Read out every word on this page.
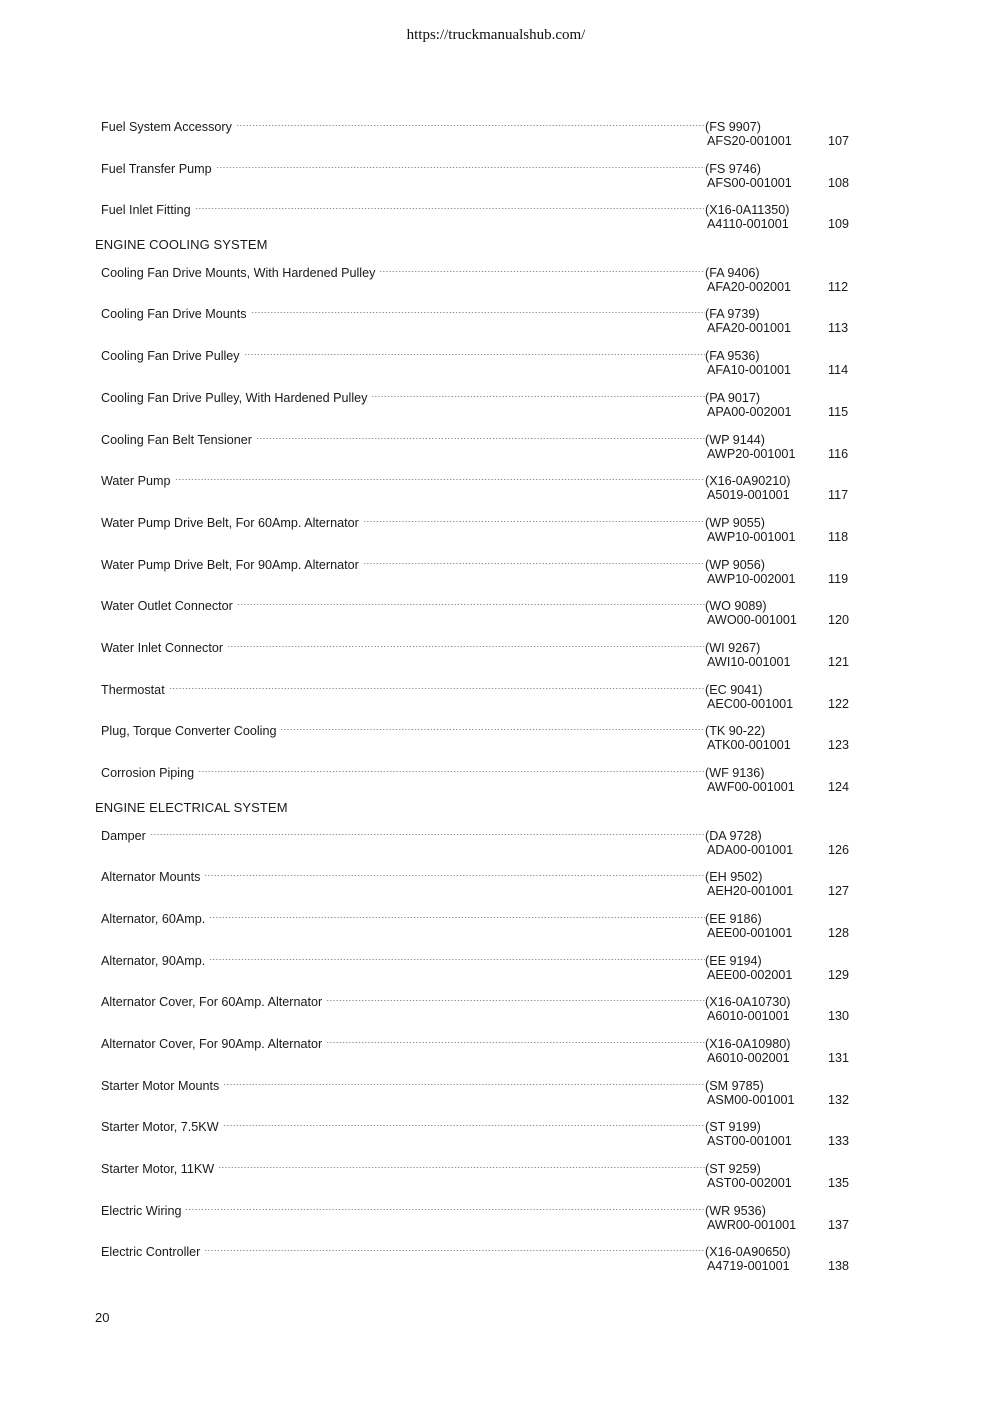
https://truckmanualshub.com/
Fuel System Accessory	(FS 9907)
AFS20-001001	107
Fuel Transfer Pump	(FS 9746)
AFS00-001001	108
Fuel Inlet Fitting	(X16-0A11350)
A4110-001001	109
ENGINE COOLING SYSTEM
Cooling Fan Drive Mounts, With Hardened Pulley	(FA 9406)
AFA20-002001	112
Cooling Fan Drive Mounts	(FA 9739)
AFA20-001001	113
Cooling Fan Drive Pulley	(FA 9536)
AFA10-001001	114
Cooling Fan Drive Pulley, With Hardened Pulley	(PA 9017)
APA00-002001	115
Cooling Fan Belt Tensioner	(WP 9144)
AWP20-001001	116
Water Pump	(X16-0A90210)
A5019-001001	117
Water Pump Drive Belt, For 60Amp. Alternator	(WP 9055)
AWP10-001001	118
Water Pump Drive Belt, For 90Amp. Alternator	(WP 9056)
AWP10-002001	119
Water Outlet Connector	(WO 9089)
AWO00-001001 120
Water Inlet Connector	(WI 9267)
AWI10-001001	121
Thermostat	(EC 9041)
AEC00-001001	122
Plug, Torque Converter Cooling	(TK 90-22)
ATK00-001001	123
Corrosion Piping	(WF 9136)
AWF00-001001	124
ENGINE ELECTRICAL SYSTEM
Damper	(DA 9728)
ADA00-001001	126
Alternator Mounts	(EH 9502)
AEH20-001001	127
Alternator, 60Amp.	(EE 9186)
AEE00-001001	128
Alternator, 90Amp.	(EE 9194)
AEE00-002001	129
Alternator Cover, For 60Amp. Alternator	(X16-0A10730)
A6010-001001	130
Alternator Cover, For 90Amp. Alternator	(X16-0A10980)
A6010-002001	131
Starter Motor Mounts	(SM 9785)
ASM00-001001	132
Starter Motor, 7.5KW	(ST 9199)
AST00-001001	133
Starter Motor, 11KW	(ST 9259)
AST00-002001	135
Electric Wiring	(WR 9536)
AWR00-001001	137
Electric Controller	(X16-0A90650)
A4719-001001	138
20
